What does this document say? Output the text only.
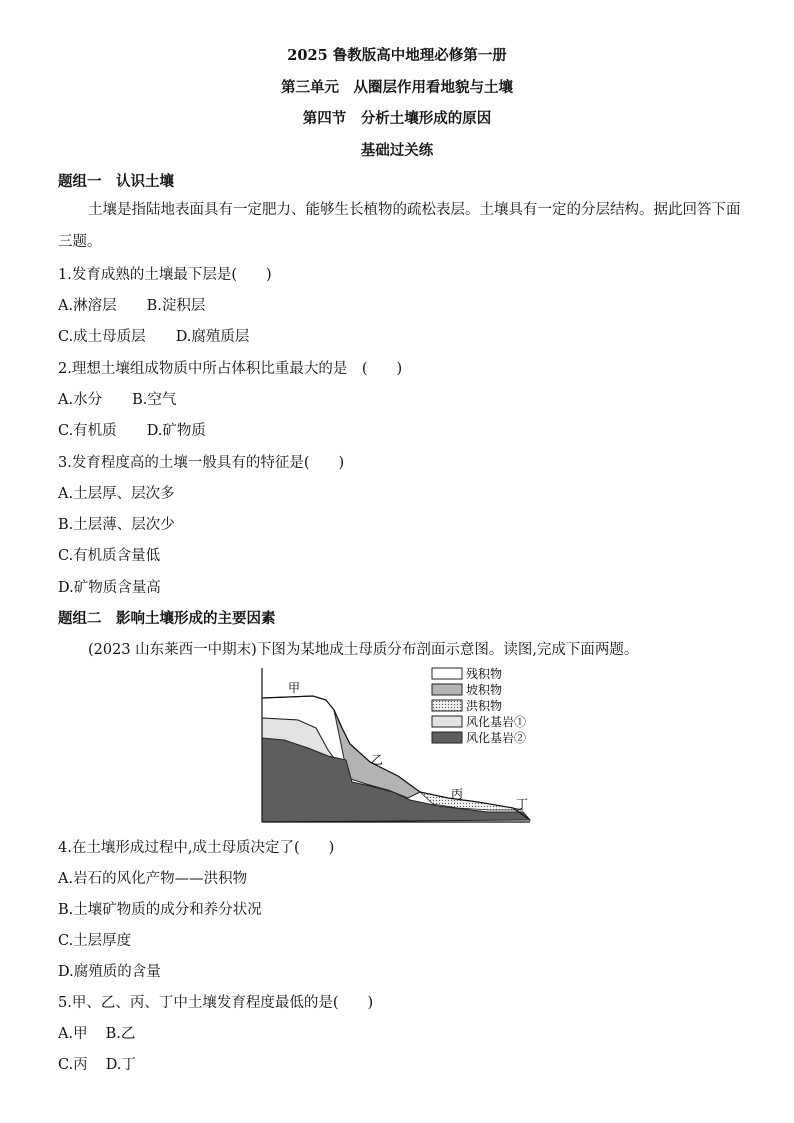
2025 鲁教版高中地理必修第一册
第三单元　从圈层作用看地貌与土壤
第四节　分析土壤形成的原因
基础过关练
题组一　认识土壤
土壤是指陆地表面具有一定肥力、能够生长植物的疏松表层。土壤具有一定的分层结构。据此回答下面三题。
1.发育成熟的土壤最下层是(　　)
A.淋溶层 B.淀积层
C.成土母质层 D.腐殖质层
2.理想土壤组成物质中所占体积比重最大的是　(　　)
A.水分 B.空气
C.有机质 D.矿物质
3.发育程度高的土壤一般具有的特征是(　　)
A.土层厚、层次多
B.土层薄、层次少
C.有机质含量低
D.矿物质含量高
题组二　影响土壤形成的主要因素
(2023 山东莱西一中期末)下图为某地成土母质分布剖面示意图。读图,完成下面两题。
甲
乙
丙
丁
残积物
坡积物
洪积物
风化基岩①
风化基岩②
4.在土壤形成过程中,成土母质决定了(　　)
A.岩石的风化产物——洪积物
B.土壤矿物质的成分和养分状况
C.土层厚度
D.腐殖质的含量
5.甲、乙、丙、丁中土壤发育程度最低的是(　　)
A.甲 B.乙
C.丙 D.丁
